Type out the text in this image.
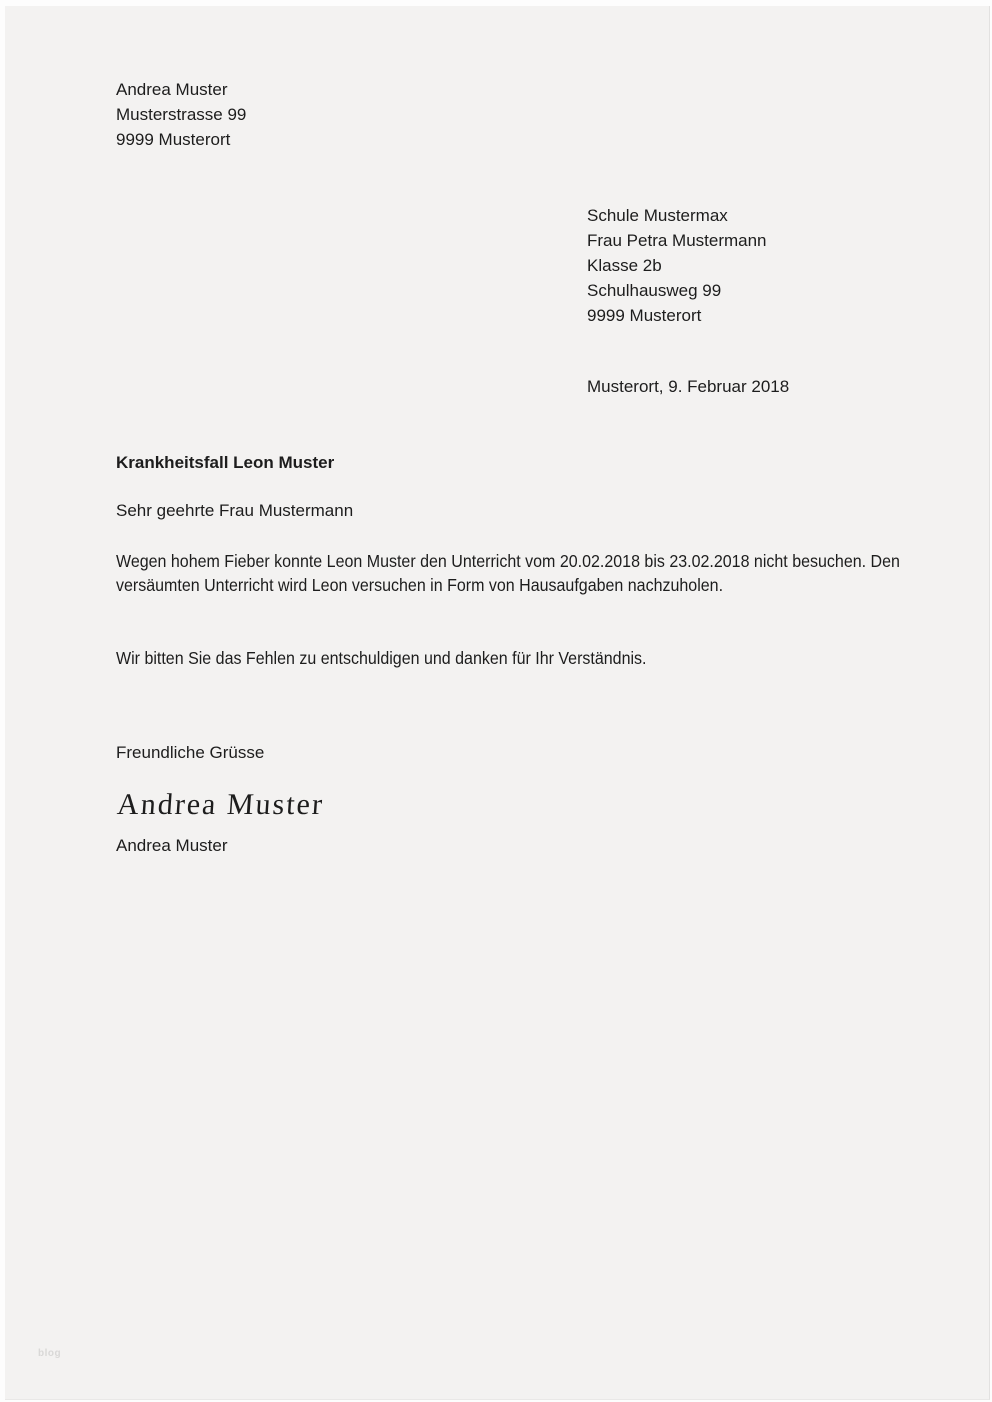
Andrea Muster
Musterstrasse 99
9999 Musterort
Schule Mustermax
Frau Petra Mustermann
Klasse 2b
Schulhausweg 99
9999 Musterort
Musterort, 9. Februar 2018
Krankheitsfall Leon Muster
Sehr geehrte Frau Mustermann
Wegen hohem Fieber konnte Leon Muster den Unterricht vom 20.02.2018 bis 23.02.2018 nicht besuchen. Den versäumten Unterricht wird Leon versuchen in Form von Hausaufgaben nachzuholen.
Wir bitten Sie das Fehlen zu entschuldigen und danken für Ihr Verständnis.
Freundliche Grüsse
Andrea Muster
Andrea Muster
blog
